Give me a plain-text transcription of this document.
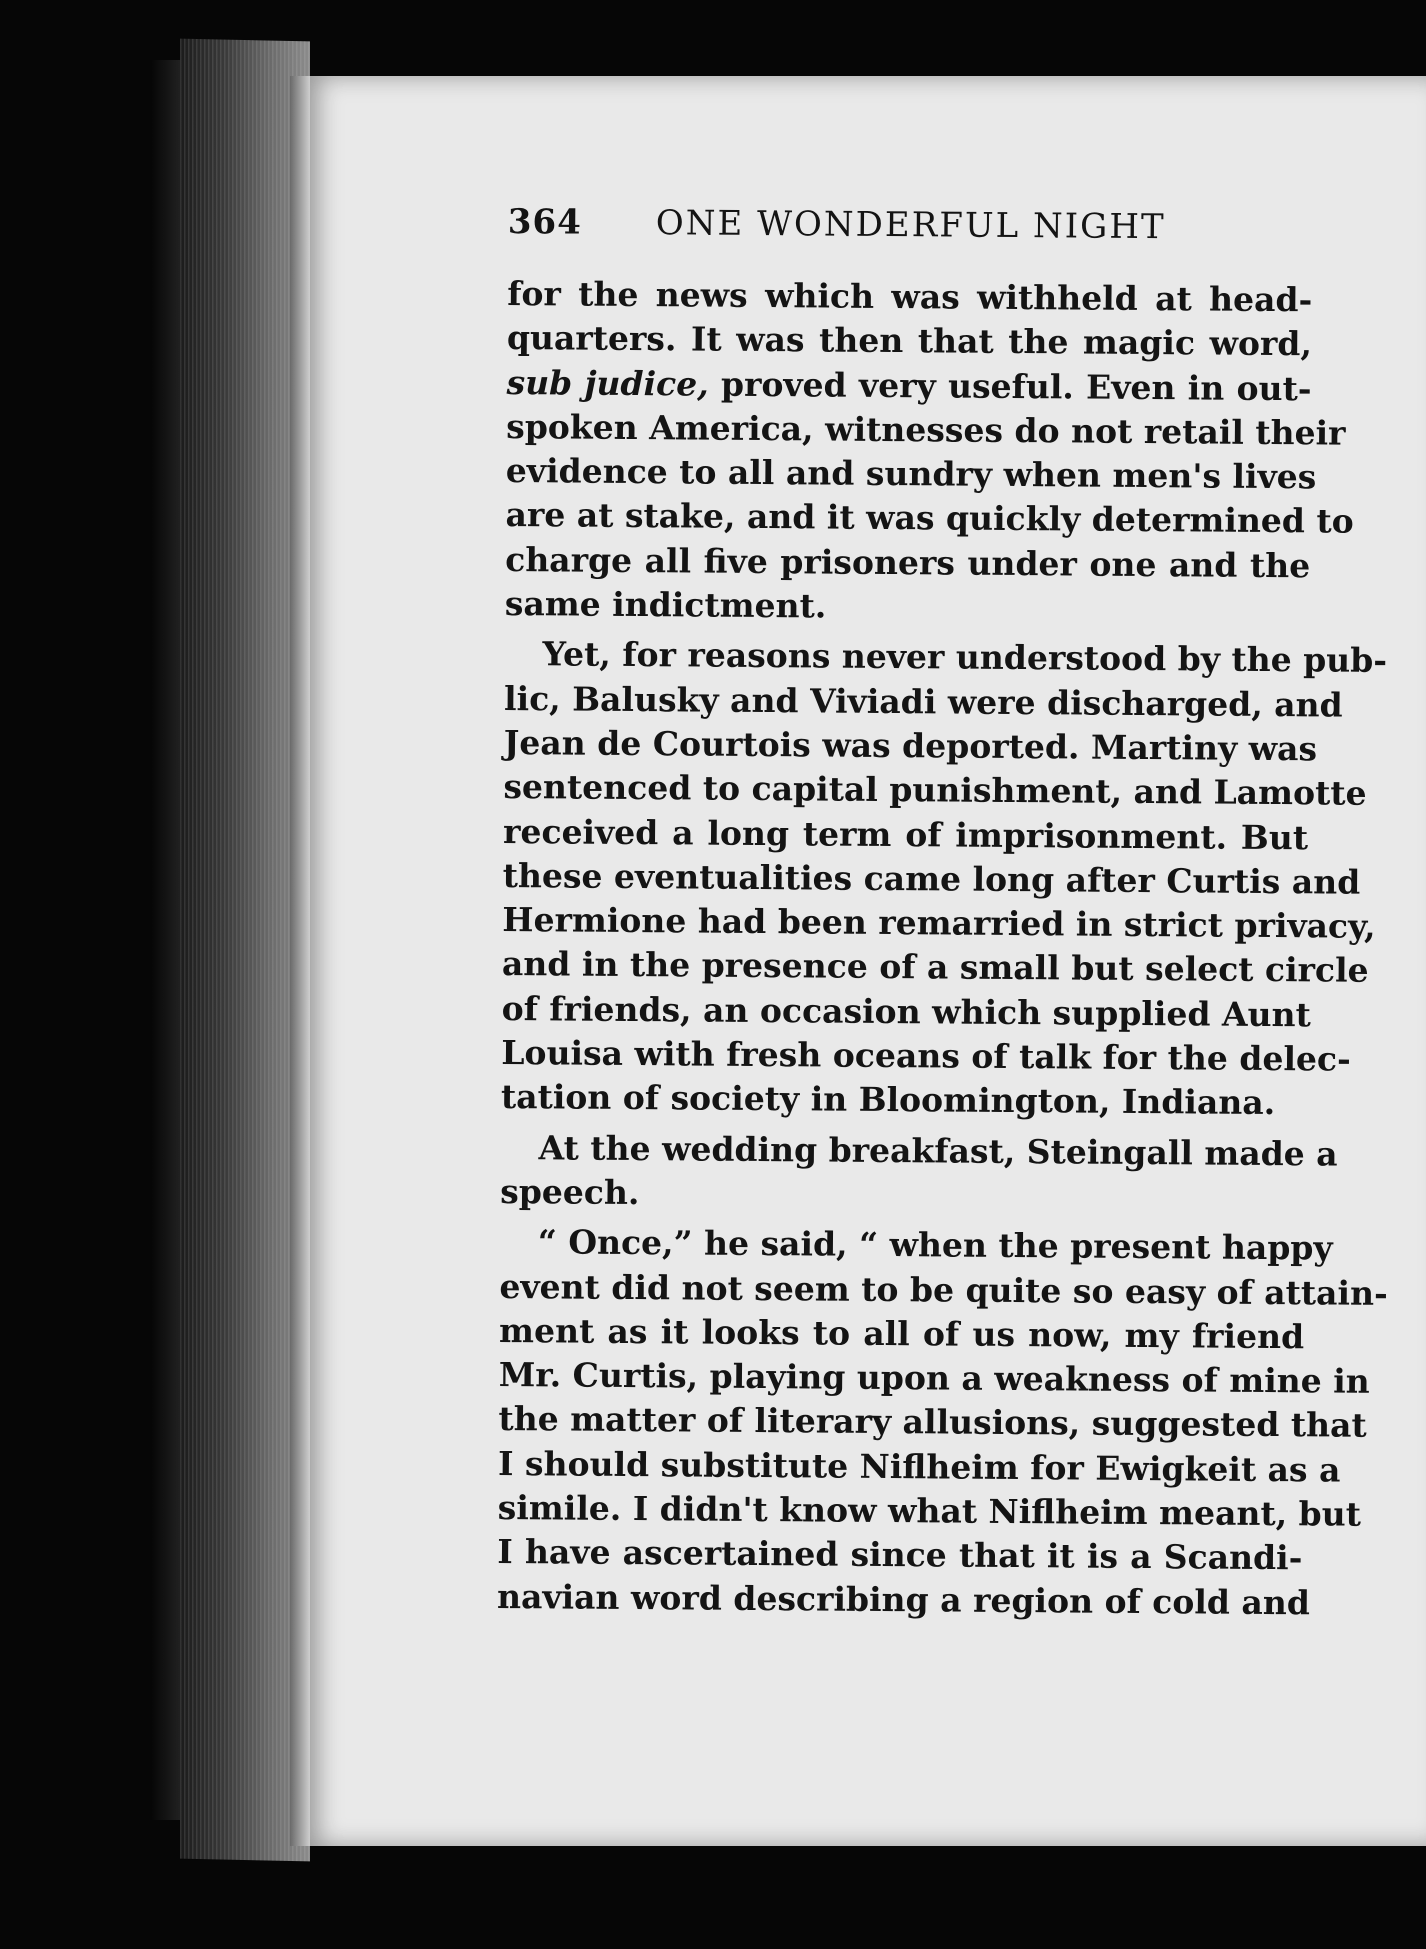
364 ONE WONDERFUL NIGHT
for the news which was withheld at head-
quarters. It was then that the magic word,
sub judice, proved very useful. Even in out-
spoken America, witnesses do not retail their
evidence to all and sundry when men's lives
are at stake, and it was quickly determined to
charge all five prisoners under one and the
same indictment.
Yet, for reasons never understood by the pub-
lic, Balusky and Viviadi were discharged, and
Jean de Courtois was deported. Martiny was
sentenced to capital punishment, and Lamotte
received a long term of imprisonment. But
these eventualities came long after Curtis and
Hermione had been remarried in strict privacy,
and in the presence of a small but select circle
of friends, an occasion which supplied Aunt
Louisa with fresh oceans of talk for the delec-
tation of society in Bloomington, Indiana.
At the wedding breakfast, Steingall made a
speech.
“ Once,” he said, “ when the present happy
event did not seem to be quite so easy of attain-
ment as it looks to all of us now, my friend
Mr. Curtis, playing upon a weakness of mine in
the matter of literary allusions, suggested that
I should substitute Niflheim for Ewigkeit as a
simile. I didn't know what Niflheim meant, but
I have ascertained since that it is a Scandi-
navian word describing a region of cold and
